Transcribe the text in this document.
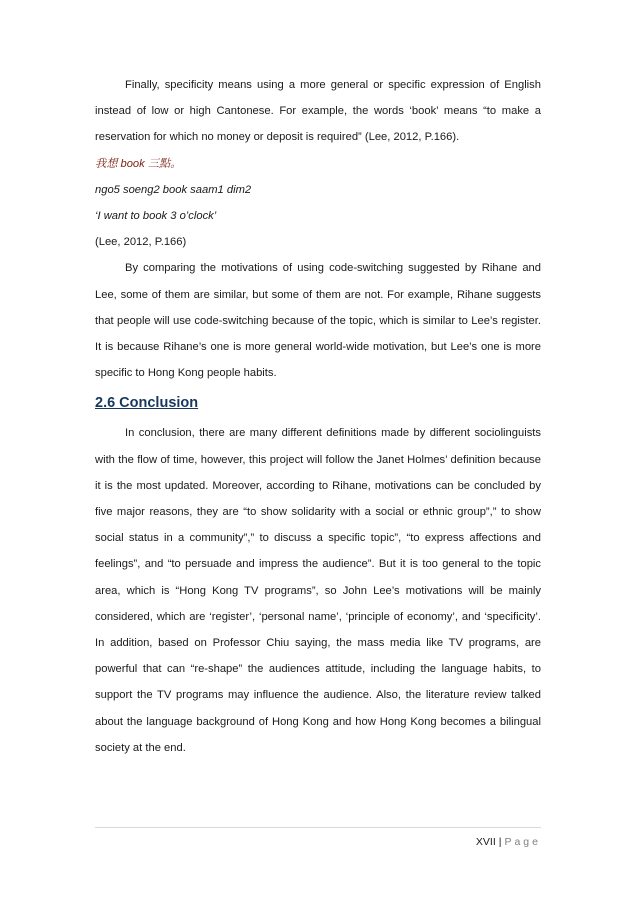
Finally, specificity means using a more general or specific expression of English instead of low or high Cantonese. For example, the words ‘book’ means “to make a reservation for which no money or deposit is required” (Lee, 2012, P.166).

我想 book 三點。

ngo5 soeng2 book saam1 dim2

‘I want to book 3 o’clock’

(Lee, 2012, P.166)

By comparing the motivations of using code-switching suggested by Rihane and Lee, some of them are similar, but some of them are not. For example, Rihane suggests that people will use code-switching because of the topic, which is similar to Lee’s register. It is because Rihane’s one is more general world-wide motivation, but Lee’s one is more specific to Hong Kong people habits.

2.6 Conclusion

In conclusion, there are many different definitions made by different sociolinguists with the flow of time, however, this project will follow the Janet Holmes’ definition because it is the most updated. Moreover, according to Rihane, motivations can be concluded by five major reasons, they are “to show solidarity with a social or ethnic group”,” to show social status in a community”,” to discuss a specific topic”, “to express affections and feelings”, and “to persuade and impress the audience”. But it is too general to the topic area, which is “Hong Kong TV programs”, so John Lee’s motivations will be mainly considered, which are ‘register’, ‘personal name’, ‘principle of economy’, and ‘specificity’. In addition, based on Professor Chiu saying, the mass media like TV programs, are powerful that can “re-shape” the audiences attitude, including the language habits, to support the TV programs may influence the audience. Also, the literature review talked about the language background of Hong Kong and how Hong Kong becomes a bilingual society at the end.

XVII | Page
